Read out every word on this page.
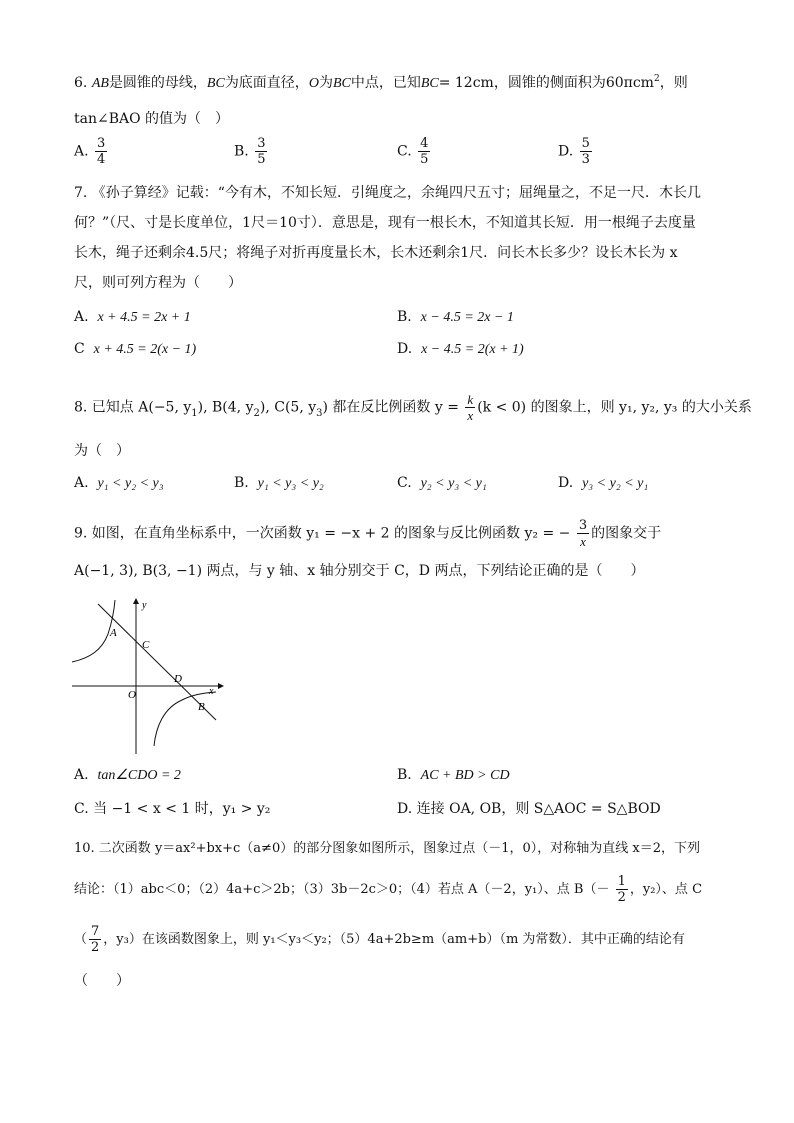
6. AB是圆锥的母线，BC为底面直径，O为BC中点，已知BC= 12cm，圆锥的侧面积为60πcm$^2$，则
tan∠BAO 的值为（　）
A. $\frac{3}{4}$	B. $\frac{3}{5}$	C. $\frac{4}{5}$	D. $\frac{5}{3}$
7. 《孙子算经》记载：“今有木，不知长短．引绳度之，余绳四尺五寸；屈绳量之，不足一尺．木长几
何？”（尺、寸是长度单位，1尺＝10寸）．意思是，现有一根长木，不知道其长短．用一根绳子去度量
长木，绳子还剩余4.5尺；将绳子对折再度量长木，长木还剩余1尺．问长木长多少？设长木长为 x
尺，则可列方程为（　　）
A. x + 4.5 = 2x + 1	B. x − 4.5 = 2x − 1
C x + 4.5 = 2(x − 1)	D. x − 4.5 = 2(x + 1)
8. 已知点 A(−5, $y_1$), B(4, $y_2$), C(5, $y_3$) 都在反比例函数 $y = \frac{k}{x} (k < 0)$ 的图象上，则 y₁, y₂, y₃ 的大小关系
为（　）
A. y₁ < y₂ < y₃	B. y₁ < y₃ < y₂	C. y₂ < y₃ < y₁	D. y₃ < y₂ < y₁
9. 如图，在直角坐标系中，一次函数 y₁ = −x + 2 的图象与反比例函数 y₂ = − $\frac{3}{x}$ 的图象交于
A(−1, 3), B(3, −1) 两点，与 y 轴、x 轴分别交于 C，D 两点，下列结论正确的是（　　）
y
x
A
C
O
D
B
A. tan∠CDO = 2	B. AC + BD > CD
C. 当 −1 < x < 1 时，y₁ > y₂	D. 连接 OA, OB，则 S△AOC = S△BOD
10. 二次函数 y＝ax²+bx+c（a≠0）的部分图象如图所示，图象过点（－1，0），对称轴为直线 x＝2，下列
结论：（1）abc＜0；（2）4a+c＞2b；（3）3b－2c＞0；（4）若点 A（－2，y₁）、点 $B(- \frac{1}{2}$ ，y₂）、点 C
（ $\frac{7}{2}$ ，y₃）在该函数图象上，则 y₁＜y₃＜y₂；（5）4a+2b≥m（am+b）（m 为常数）．其中正确的结论有
（　　）
